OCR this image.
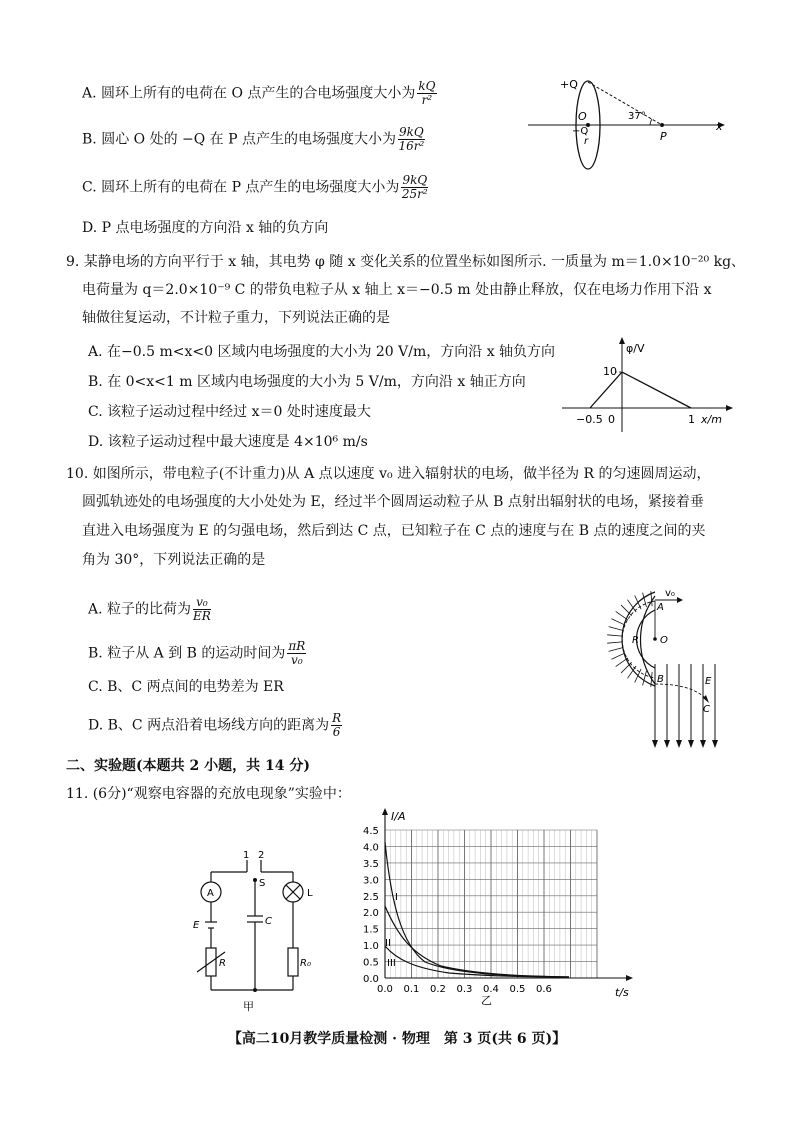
A. 圆环上所有的电荷在 O 点产生的合电场强度大小为 $\frac{kQ}{\text{r²}}$
B. 圆心 O 处的 −Q 在 P 点产生的电场强度大小为 $\frac{9kQ}{\text{16r²}}$
C. 圆环上所有的电荷在 P 点产生的电场强度大小为 $\frac{9kQ}{\text{25r²}}$
D. P 点电场强度的方向沿 x 轴的负方向
+Q
O
−Q
r
37°
P
x
9. 某静电场的方向平行于 x 轴，其电势 φ 随 x 变化关系的位置坐标如图所示. 一质量为 m＝1.0×10⁻²⁰ kg、
电荷量为 q＝2.0×10⁻⁹ C 的带负电粒子从 x 轴上 x＝−0.5 m 处由静止释放，仅在电场力作用下沿 x
轴做往复运动，不计粒子重力，下列说法正确的是
A. 在−0.5 m<x<0 区域内电场强度的大小为 20 V/m，方向沿 x 轴负方向
B. 在 0<x<1 m 区域内电场强度的大小为 5 V/m，方向沿 x 轴正方向
C. 该粒子运动过程中经过 x＝0 处时速度最大
D. 该粒子运动过程中最大速度是 4×10⁶ m/s
φ/V
10
−0.5 0	1 x/m
10. 如图所示，带电粒子(不计重力)从 A 点以速度 v₀ 进入辐射状的电场，做半径为 R 的匀速圆周运动，
圆弧轨迹处的电场强度的大小处处为 E，经过半个圆周运动粒子从 B 点射出辐射状的电场，紧接着垂
直进入电场强度为 E 的匀强电场，然后到达 C 点，已知粒子在 C 点的速度与在 B 点的速度之间的夹
角为 30°，下列说法正确的是
A. 粒子的比荷为 $\frac{\text{v₀}}{ER}$
B. 粒子从 A 到 B 的运动时间为 $\frac{\pi R}{\text{v₀}}$
C. B、C 两点间的电势差为 ER
D. B、C 两点沿着电场线方向的距离为 $\frac{R}{6}$
v₀
A
R O
B	E
C
二、实验题(本题共 2 小题，共 14 分)
11. (6分)“观察电容器的充放电现象”实验中：
1 2
S
A	L
E	C
R	R₀
甲
4.5
4.0
3.5
3.0
2.5
2.0
1.5
1.0
0.5
0.0
0.0 0.1 0.2 0.3 0.4 0.5 0.6
I
II
III
I/A
t/s
乙
【高二10月教学质量检测 · 物理　第 3 页(共 6 页)】
